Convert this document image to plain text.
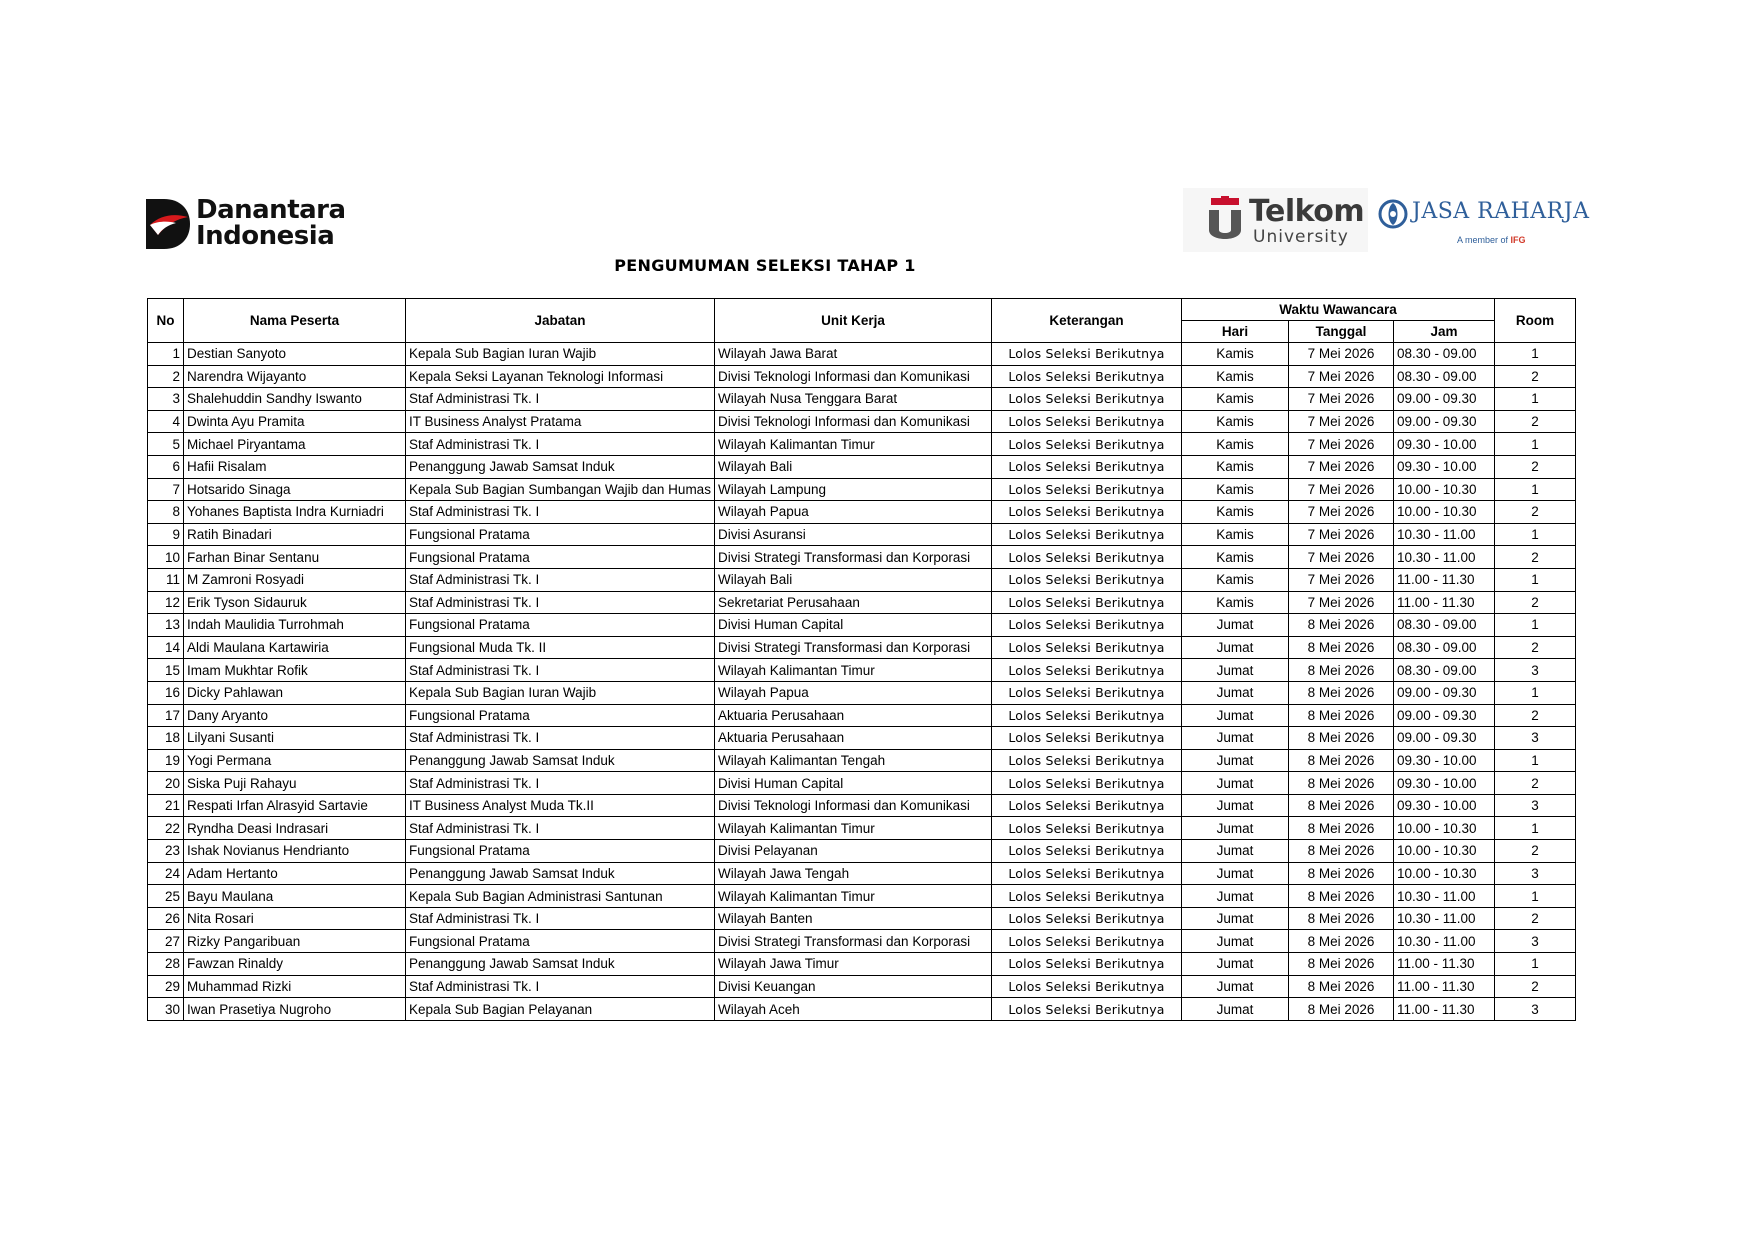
Danantara
Indonesia
Telkom
University
JASA RAHARJA
A member of IFG
PENGUMUMAN SELEKSI TAHAP 1
No	Nama Peserta	Jabatan	Unit Kerja	Keterangan	Waktu Wawancara			Room
					Hari	Tanggal	Jam	
1	Destian Sanyoto	Kepala Sub Bagian Iuran Wajib	Wilayah Jawa Barat	Lolos Seleksi Berikutnya	Kamis	7 Mei 2026	08.30 - 09.00	1
2	Narendra Wijayanto	Kepala Seksi Layanan Teknologi Informasi	Divisi Teknologi Informasi dan Komunikasi	Lolos Seleksi Berikutnya	Kamis	7 Mei 2026	08.30 - 09.00	2
3	Shalehuddin Sandhy Iswanto	Staf Administrasi Tk. I	Wilayah Nusa Tenggara Barat	Lolos Seleksi Berikutnya	Kamis	7 Mei 2026	09.00 - 09.30	1
4	Dwinta Ayu Pramita	IT Business Analyst Pratama	Divisi Teknologi Informasi dan Komunikasi	Lolos Seleksi Berikutnya	Kamis	7 Mei 2026	09.00 - 09.30	2
5	Michael Piryantama	Staf Administrasi Tk. I	Wilayah Kalimantan Timur	Lolos Seleksi Berikutnya	Kamis	7 Mei 2026	09.30 - 10.00	1
6	Hafii Risalam	Penanggung Jawab Samsat Induk	Wilayah Bali	Lolos Seleksi Berikutnya	Kamis	7 Mei 2026	09.30 - 10.00	2
7	Hotsarido Sinaga	Kepala Sub Bagian Sumbangan Wajib dan Humas	Wilayah Lampung	Lolos Seleksi Berikutnya	Kamis	7 Mei 2026	10.00 - 10.30	1
8	Yohanes Baptista Indra Kurniadri	Staf Administrasi Tk. I	Wilayah Papua	Lolos Seleksi Berikutnya	Kamis	7 Mei 2026	10.00 - 10.30	2
9	Ratih Binadari	Fungsional Pratama	Divisi Asuransi	Lolos Seleksi Berikutnya	Kamis	7 Mei 2026	10.30 - 11.00	1
10	Farhan Binar Sentanu	Fungsional Pratama	Divisi Strategi Transformasi dan Korporasi	Lolos Seleksi Berikutnya	Kamis	7 Mei 2026	10.30 - 11.00	2
11	M Zamroni Rosyadi	Staf Administrasi Tk. I	Wilayah Bali	Lolos Seleksi Berikutnya	Kamis	7 Mei 2026	11.00 - 11.30	1
12	Erik Tyson Sidauruk	Staf Administrasi Tk. I	Sekretariat Perusahaan	Lolos Seleksi Berikutnya	Kamis	7 Mei 2026	11.00 - 11.30	2
13	Indah Maulidia Turrohmah	Fungsional Pratama	Divisi Human Capital	Lolos Seleksi Berikutnya	Jumat	8 Mei 2026	08.30 - 09.00	1
14	Aldi Maulana Kartawiria	Fungsional Muda Tk. II	Divisi Strategi Transformasi dan Korporasi	Lolos Seleksi Berikutnya	Jumat	8 Mei 2026	08.30 - 09.00	2
15	Imam Mukhtar Rofik	Staf Administrasi Tk. I	Wilayah Kalimantan Timur	Lolos Seleksi Berikutnya	Jumat	8 Mei 2026	08.30 - 09.00	3
16	Dicky Pahlawan	Kepala Sub Bagian Iuran Wajib	Wilayah Papua	Lolos Seleksi Berikutnya	Jumat	8 Mei 2026	09.00 - 09.30	1
17	Dany Aryanto	Fungsional Pratama	Aktuaria Perusahaan	Lolos Seleksi Berikutnya	Jumat	8 Mei 2026	09.00 - 09.30	2
18	Lilyani Susanti	Staf Administrasi Tk. I	Aktuaria Perusahaan	Lolos Seleksi Berikutnya	Jumat	8 Mei 2026	09.00 - 09.30	3
19	Yogi Permana	Penanggung Jawab Samsat Induk	Wilayah Kalimantan Tengah	Lolos Seleksi Berikutnya	Jumat	8 Mei 2026	09.30 - 10.00	1
20	Siska Puji Rahayu	Staf Administrasi Tk. I	Divisi Human Capital	Lolos Seleksi Berikutnya	Jumat	8 Mei 2026	09.30 - 10.00	2
21	Respati Irfan Alrasyid Sartavie	IT Business Analyst Muda Tk.II	Divisi Teknologi Informasi dan Komunikasi	Lolos Seleksi Berikutnya	Jumat	8 Mei 2026	09.30 - 10.00	3
22	Ryndha Deasi Indrasari	Staf Administrasi Tk. I	Wilayah Kalimantan Timur	Lolos Seleksi Berikutnya	Jumat	8 Mei 2026	10.00 - 10.30	1
23	Ishak Novianus Hendrianto	Fungsional Pratama	Divisi Pelayanan	Lolos Seleksi Berikutnya	Jumat	8 Mei 2026	10.00 - 10.30	2
24	Adam Hertanto	Penanggung Jawab Samsat Induk	Wilayah Jawa Tengah	Lolos Seleksi Berikutnya	Jumat	8 Mei 2026	10.00 - 10.30	3
25	Bayu Maulana	Kepala Sub Bagian Administrasi Santunan	Wilayah Kalimantan Timur	Lolos Seleksi Berikutnya	Jumat	8 Mei 2026	10.30 - 11.00	1
26	Nita Rosari	Staf Administrasi Tk. I	Wilayah Banten	Lolos Seleksi Berikutnya	Jumat	8 Mei 2026	10.30 - 11.00	2
27	Rizky Pangaribuan	Fungsional Pratama	Divisi Strategi Transformasi dan Korporasi	Lolos Seleksi Berikutnya	Jumat	8 Mei 2026	10.30 - 11.00	3
28	Fawzan Rinaldy	Penanggung Jawab Samsat Induk	Wilayah Jawa Timur	Lolos Seleksi Berikutnya	Jumat	8 Mei 2026	11.00 - 11.30	1
29	Muhammad Rizki	Staf Administrasi Tk. I	Divisi Keuangan	Lolos Seleksi Berikutnya	Jumat	8 Mei 2026	11.00 - 11.30	2
30	Iwan Prasetiya Nugroho	Kepala Sub Bagian Pelayanan	Wilayah Aceh	Lolos Seleksi Berikutnya	Jumat	8 Mei 2026	11.00 - 11.30	3
